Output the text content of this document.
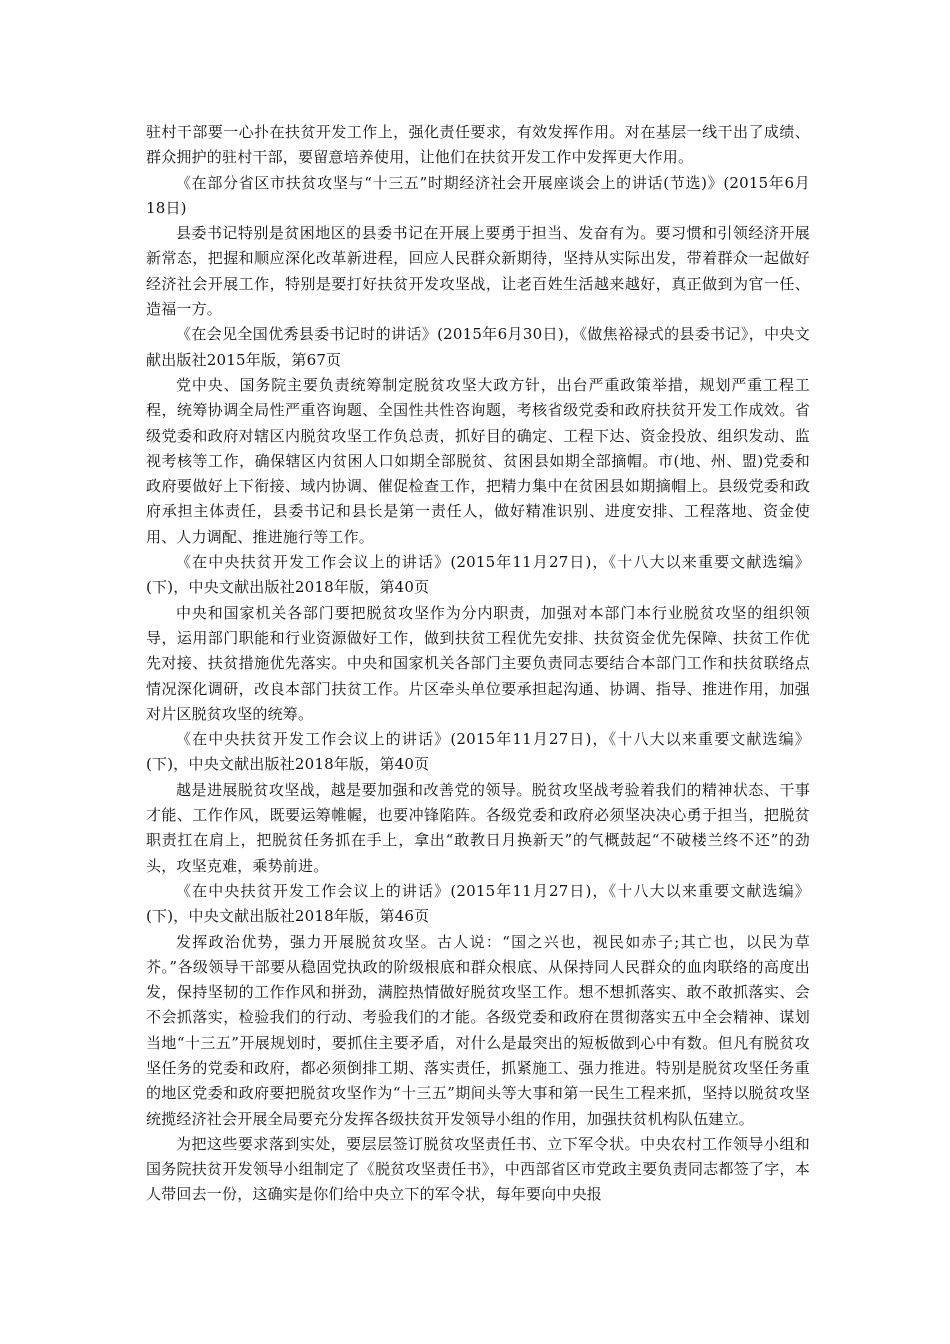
驻村干部要一心扑在扶贫开发工作上，强化责任要求，有效发挥作用。对在基层一线干出了成绩、群众拥护的驻村干部，要留意培养使用，让他们在扶贫开发工作中发挥更大作用。

《在部分省区市扶贫攻坚与“十三五”时期经济社会开展座谈会上的讲话(节选)》(2015年6月18日)

县委书记特别是贫困地区的县委书记在开展上要勇于担当、发奋有为。要习惯和引领经济开展新常态，把握和顺应深化改革新进程，回应人民群众新期待，坚持从实际出发，带着群众一起做好经济社会开展工作，特别是要打好扶贫开发攻坚战，让老百姓生活越来越好，真正做到为官一任、造福一方。

《在会见全国优秀县委书记时的讲话》(2015年6月30日)，《做焦裕禄式的县委书记》，中央文献出版社2015年版，第67页

党中央、国务院主要负责统筹制定脱贫攻坚大政方针，出台严重政策举措，规划严重工程工程，统筹协调全局性严重咨询题、全国性共性咨询题，考核省级党委和政府扶贫开发工作成效。省级党委和政府对辖区内脱贫攻坚工作负总责，抓好目的确定、工程下达、资金投放、组织发动、监视考核等工作，确保辖区内贫困人口如期全部脱贫、贫困县如期全部摘帽。市(地、州、盟)党委和政府要做好上下衔接、域内协调、催促检查工作，把精力集中在贫困县如期摘帽上。县级党委和政府承担主体责任，县委书记和县长是第一责任人，做好精准识别、进度安排、工程落地、资金使用、人力调配、推进施行等工作。

《在中央扶贫开发工作会议上的讲话》(2015年11月27日)，《十八大以来重要文献选编》(下)，中央文献出版社2018年版，第40页

中央和国家机关各部门要把脱贫攻坚作为分内职责，加强对本部门本行业脱贫攻坚的组织领导，运用部门职能和行业资源做好工作，做到扶贫工程优先安排、扶贫资金优先保障、扶贫工作优先对接、扶贫措施优先落实。中央和国家机关各部门主要负责同志要结合本部门工作和扶贫联络点情况深化调研，改良本部门扶贫工作。片区牵头单位要承担起沟通、协调、指导、推进作用，加强对片区脱贫攻坚的统筹。

《在中央扶贫开发工作会议上的讲话》(2015年11月27日)，《十八大以来重要文献选编》(下)，中央文献出版社2018年版，第40页

越是进展脱贫攻坚战，越是要加强和改善党的领导。脱贫攻坚战考验着我们的精神状态、干事才能、工作作风，既要运筹帷幄，也要冲锋陷阵。各级党委和政府必须坚决决心勇于担当，把脱贫职责扛在肩上，把脱贫任务抓在手上，拿出“敢教日月换新天”的气概鼓起“不破楼兰终不还”的劲头，攻坚克难，乘势前进。

《在中央扶贫开发工作会议上的讲话》(2015年11月27日)，《十八大以来重要文献选编》(下)，中央文献出版社2018年版，第46页

发挥政治优势，强力开展脱贫攻坚。古人说：“国之兴也，视民如赤子;其亡也，以民为草芥。”各级领导干部要从稳固党执政的阶级根底和群众根底、从保持同人民群众的血肉联络的高度出发，保持坚韧的工作作风和拼劲，满腔热情做好脱贫攻坚工作。想不想抓落实、敢不敢抓落实、会不会抓落实，检验我们的行动、考验我们的才能。各级党委和政府在贯彻落实五中全会精神、谋划当地“十三五”开展规划时，要抓住主要矛盾，对什么是最突出的短板做到心中有数。但凡有脱贫攻坚任务的党委和政府，都必须倒排工期、落实责任，抓紧施工、强力推进。特别是脱贫攻坚任务重的地区党委和政府要把脱贫攻坚作为“十三五”期间头等大事和第一民生工程来抓，坚持以脱贫攻坚统揽经济社会开展全局要充分发挥各级扶贫开发领导小组的作用，加强扶贫机构队伍建立。

为把这些要求落到实处，要层层签订脱贫攻坚责任书、立下军令状。中央农村工作领导小组和国务院扶贫开发领导小组制定了《脱贫攻坚责任书》，中西部省区市党政主要负责同志都签了字，本人带回去一份，这确实是你们给中央立下的军令状，每年要向中央报
